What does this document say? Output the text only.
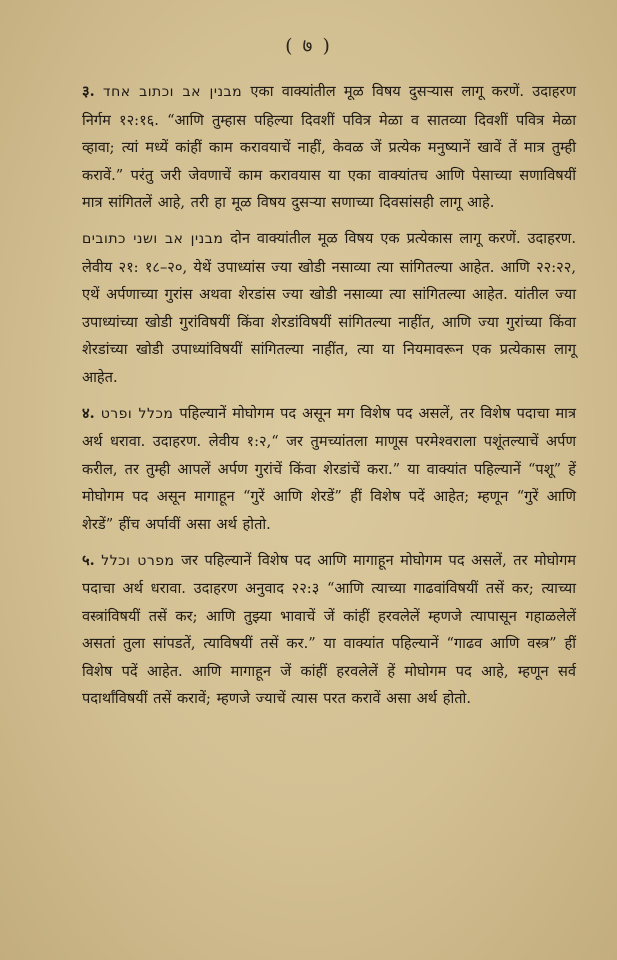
( ७ )

३. מבנין אב וכתוב אחד एका वाक्यांतील मूळ विषय दुसऱ्यास लागू करणें. उदाहरण निर्गम १२:१६. “आणि तुम्हास पहिल्या दिवशीं पवित्र मेळा व सातव्या दिवशीं पवित्र मेळा व्हावा; त्यां मध्यें कांहीं काम करावयाचें नाहीं, केवळ जें प्रत्येक मनुष्यानें खावें तें मात्र तुम्ही करावें.” परंतु जरी जेवणाचें काम करावयास या एका वाक्यांतच आणि पेसाच्या सणाविषयीं मात्र सांगितलें आहे, तरी हा मूळ विषय दुसऱ्या सणाच्या दिवसांसही लागू आहे.

מבנין אב ושני כתובים दोन वाक्यांतील मूळ विषय एक प्रत्येकास लागू करणें. उदाहरण. लेवीय २१: १८–२०, येथें उपाध्यांस ज्या खोडी नसाव्या त्या सांगितल्या आहेत. आणि २२:२२, एथें अर्पणाच्या गुरांस अथवा शेरडांस ज्या खोडी नसाव्या त्या सांगितल्या आहेत. यांतील ज्या उपाध्यांच्या खोडी गुरांविषयीं किंवा शेरडांविषयीं सांगितल्या नाहींत, आणि ज्या गुरांच्या किंवा शेरडांच्या खोडी उपाध्यांविषयीं सांगितल्या नाहींत, त्या या नियमावरून एक प्रत्येकास लागू आहेत.

४. מכלל ופרט पहिल्यानें मोघोगम पद असून मग विशेष पद असलें, तर विशेष पदाचा मात्र अर्थ धरावा. उदाहरण. लेवीय १:२,“ जर तुमच्यांतला माणूस परमेश्वराला पशूंतल्याचें अर्पण करील, तर तुम्ही आपलें अर्पण गुरांचें किंवा शेरडांचें करा.” या वाक्यांत पहिल्यानें “पशू” हें मोघोगम पद असून मागाहून “गुरें आणि शेरडें” हीं विशेष पदें आहेत; म्हणून “गुरें आणि शेरडें” हींच अर्पावीं असा अर्थ होतो.

५. מפרט וכלל जर पहिल्यानें विशेष पद आणि मागाहून मोघोगम पद असलें, तर मोघोगम पदाचा अर्थ धरावा. उदाहरण अनुवाद २२:३ “आणि त्याच्या गाढवांविषयीं तसें कर; त्याच्या वस्त्रांविषयीं तसें कर; आणि तुझ्या भावाचें जें कांहीं हरवलेलें म्हणजे त्यापासून गहाळलेलें असतां तुला सांपडतें, त्याविषयीं तसें कर.” या वाक्यांत पहिल्यानें “गाढव आणि वस्त्र” हीं विशेष पदें आहेत. आणि मागाहून जें कांहीं हरवलेलें हें मोघोगम पद आहे, म्हणून सर्व पदार्थांविषयीं तसें करावें; म्हणजे ज्याचें त्यास परत करावें असा अर्थ होतो.
